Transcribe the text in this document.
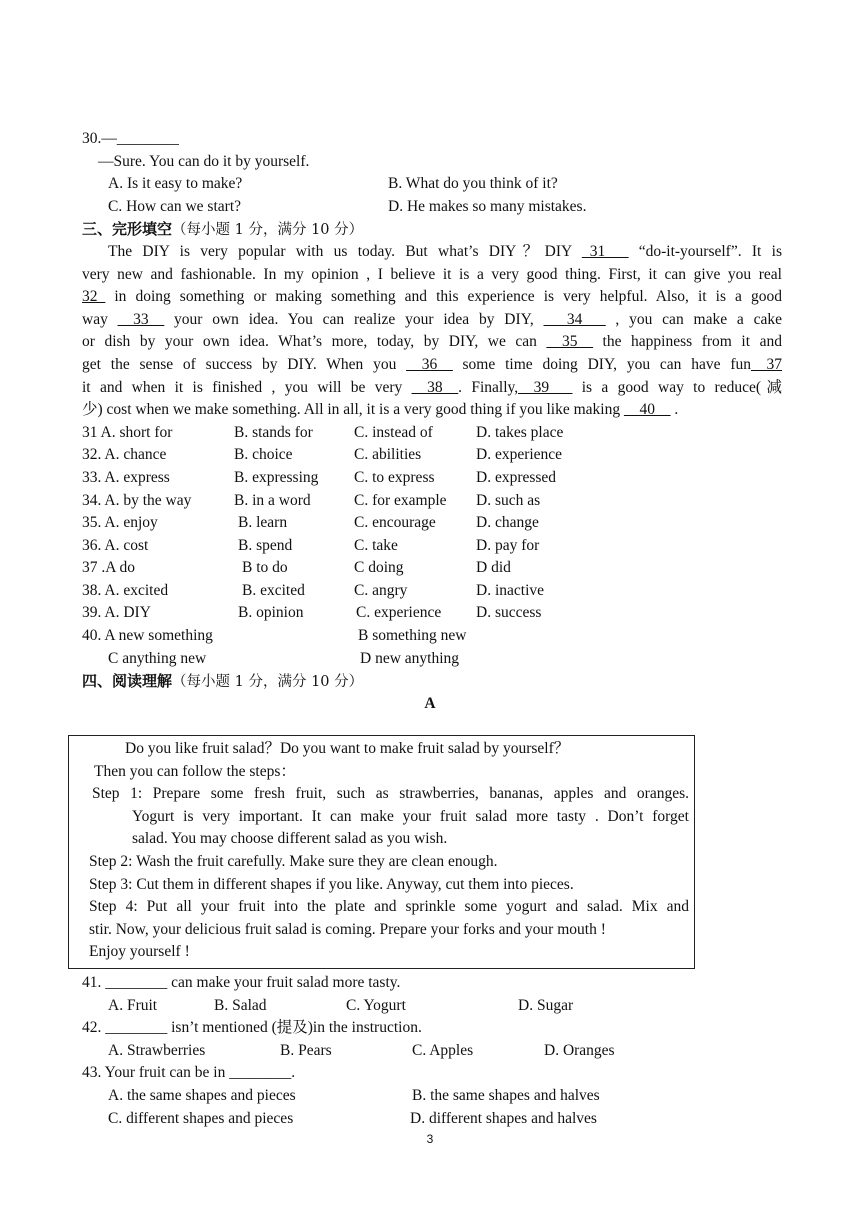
30.—________
—Sure. You can do it by yourself.
A. Is it easy to make?	B. What do you think of it?
C. How can we start?	D. He makes so many mistakes.
三、完形填空（每小题 1 分，满分 10 分）
The DIY is very popular with us today. But what’s DIY？DIY _31___ “do-it-yourself”. It is
very new and fashionable. In my opinion , I believe it is a very good thing. First, it can give you real
32_ in doing something or making something and this experience is very helpful. Also, it is a good
way __33__ your own idea. You can realize your idea by DIY, ___34___ , you can make a cake
or dish by your own idea. What’s more, today, by DIY, we can __35__ the happiness from it and
get the sense of success by DIY. When you __36__ some time doing DIY, you can have fun__37
it and when it is finished , you will be very __38__. Finally,__39___ is a good way to reduce(减
少) cost when we make something. All in all, it is a very good thing if you like making __40__ .
31 A. short for	B. stands for	C. instead of	D. takes place
32. A. chance	B. choice	C. abilities	D. experience
33. A. express	B. expressing C. to express	D. expressed
34. A. by the way	B. in a word	C. for example D. such as
35. A. enjoy	B. learn	C. encourage	D. change
36. A. cost	B. spend	C. take	D. pay for
37 .A do	B to do	C doing	D did
38. A. excited	B. excited	C. angry	D. inactive
39. A. DIY	B. opinion	C. experience D. success
40. A new something	B something new
C anything new	D new anything
四、阅读理解（每小题 1 分，满分 10 分）
A
Do you like fruit salad？Do you want to make fruit salad by yourself？
Then you can follow the steps：
Step 1: Prepare some fresh fruit, such as strawberries, bananas, apples and oranges.
Yogurt is very important. It can make your fruit salad more tasty . Don’t forget
salad. You may choose different salad as you wish.
Step 2: Wash the fruit carefully. Make sure they are clean enough.
Step 3: Cut them in different shapes if you like. Anyway, cut them into pieces.
Step 4: Put all your fruit into the plate and sprinkle some yogurt and salad. Mix and
stir. Now, your delicious fruit salad is coming. Prepare your forks and your mouth !
Enjoy yourself !
41. ________ can make your fruit salad more tasty.
A. Fruit	B. Salad	C. Yogurt	D. Sugar
42. ________ isn’t mentioned (提及)in the instruction.
A. Strawberries	B. Pears	C. Apples	D. Oranges
43. Your fruit can be in ________.
A. the same shapes and pieces	B. the same shapes and halves
C. different shapes and pieces	D. different shapes and halves
3
